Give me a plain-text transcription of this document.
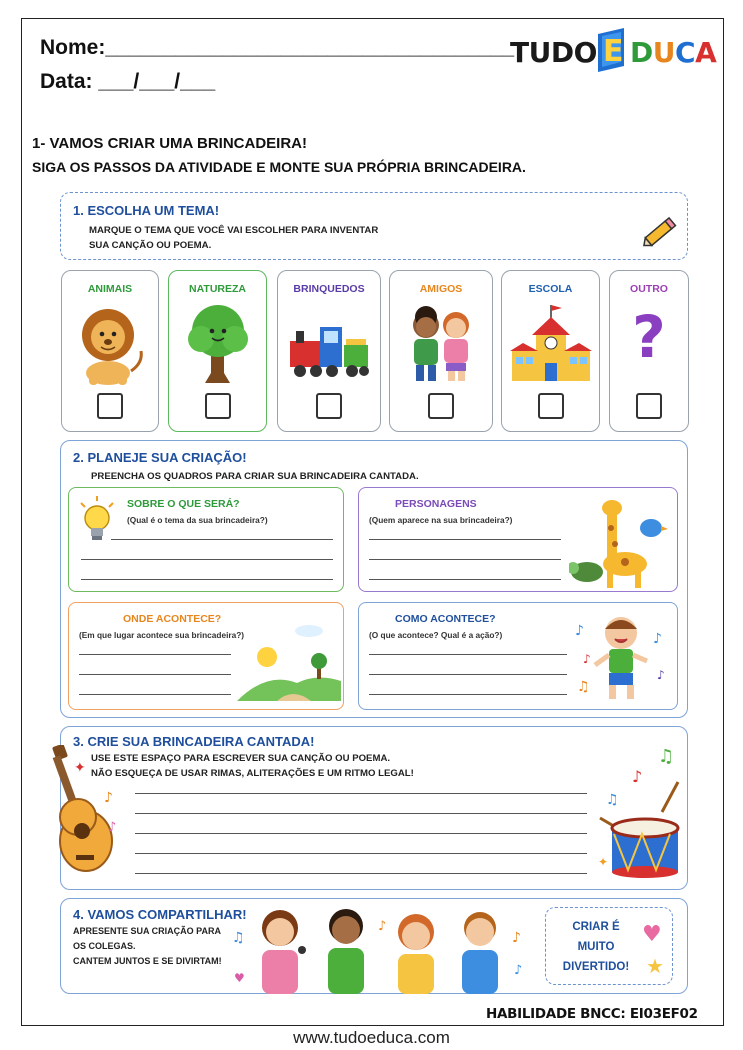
Nome:___________________________________
Data: ___/___/___
TUDO E DUCA
1- VAMOS CRIAR UMA BRINCADEIRA!
SIGA OS PASSOS DA ATIVIDADE E MONTE SUA PRÓPRIA BRINCADEIRA.
1. ESCOLHA UM TEMA!
MARQUE O TEMA QUE VOCÊ VAI ESCOLHER PARA INVENTAR
SUA CANÇÃO OU POEMA.
ANIMAIS	NATUREZA	BRINQUEDOS	AMIGOS	ESCOLA	OUTRO
?
2. PLANEJE SUA CRIAÇÃO!
PREENCHA OS QUADROS PARA CRIAR SUA BRINCADEIRA CANTADA.
SOBRE O QUE SERÁ?
(Qual é o tema da sua brincadeira?)
PERSONAGENS
(Quem aparece na sua brincadeira?)
ONDE ACONTECE?
(Em que lugar acontece sua brincadeira?)
COMO ACONTECE?
(O que acontece? Qual é a ação?)	♪
♪
♫
♪
♪
3. CRIE SUA BRINCADEIRA CANTADA!
USE ESTE ESPAÇO PARA ESCREVER SUA CANÇÃO OU POEMA.
NÃO ESQUEÇA DE USAR RIMAS, ALITERAÇÕES E UM RITMO LEGAL!
✦
♪
♪
♫
♪
♫
✦
4. VAMOS COMPARTILHAR!
APRESENTE SUA CRIAÇÃO PARA
OS COLEGAS.
CANTEM JUNTOS E SE DIVIRTAM!
♫
♥
♪
♪
♪
CRIAR É
MUITO
DIVERTIDO!
♥
★
HABILIDADE BNCC: EI03EF02
www.tudoeduca.com
